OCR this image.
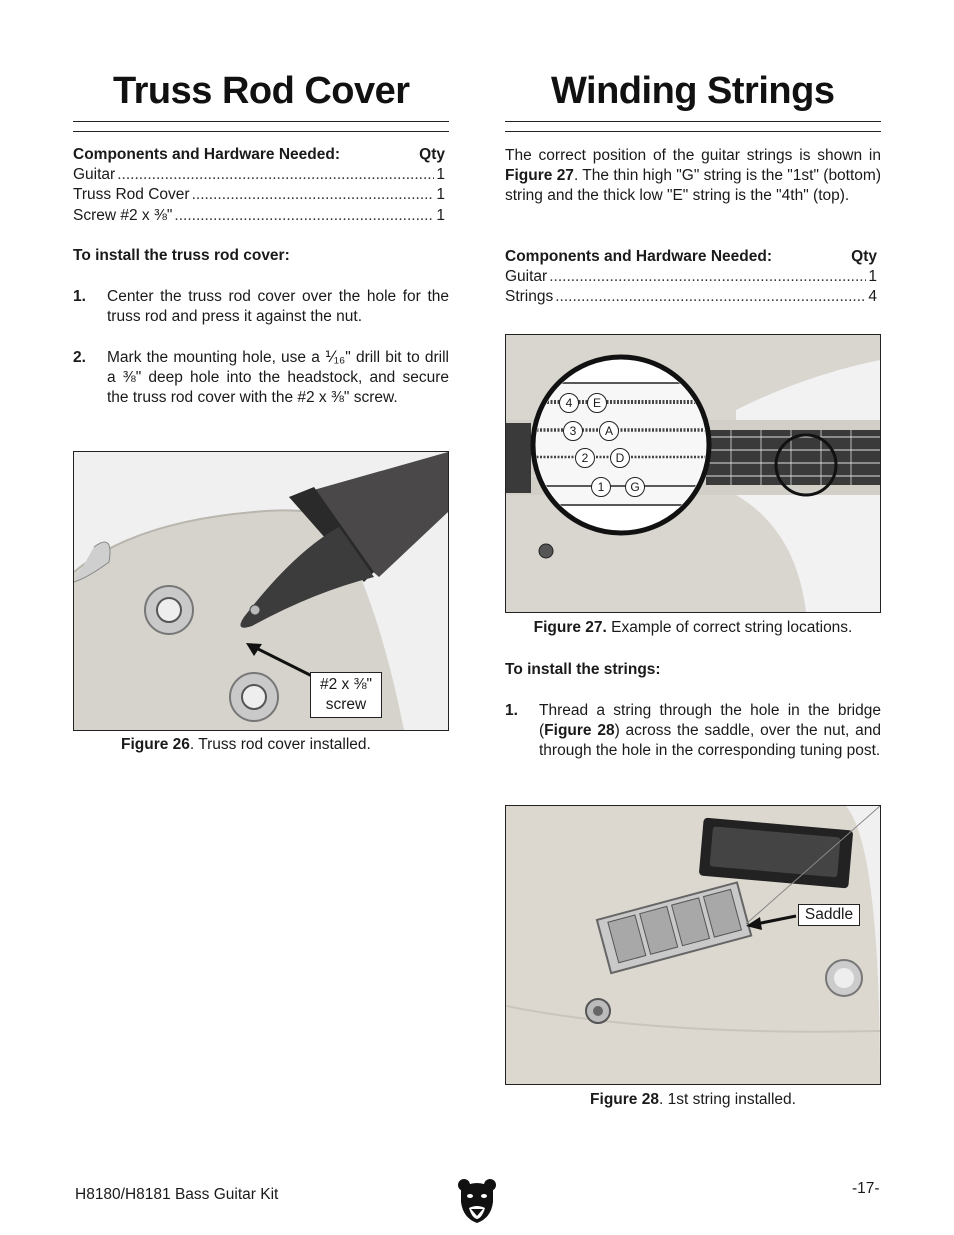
Truss Rod Cover
Components and Hardware Needed:	Qty
Guitar .....	1
Truss Rod Cover .....	1
Screw #2 x ⅜" .....	1
To install the truss rod cover:
1.	Center the truss rod cover over the hole for the truss rod and press it against the nut.
2.	Mark the mounting hole, use a ⅟₁₆" drill bit to drill a ⅜" deep hole into the headstock, and secure the truss rod cover with the #2 x ⅜" screw.
#2 x ⅜"
screw
Figure 26. Truss rod cover installed.
Winding Strings
The correct position of the guitar strings is shown in Figure 27. The thin high "G" string is the "1st" (bottom) string and the thick low "E" string is the "4th" (top).
Components and Hardware Needed:	Qty
Guitar .....	1
Strings .....	4
4	E
3	A
2	D
1	G
Figure 27. Example of correct string locations.
To install the strings:
1.	Thread a string through the hole in the bridge (Figure 28) across the saddle, over the nut, and through the hole in the corresponding tuning post.
Saddle
Figure 28. 1st string installed.
H8180/H8181 Bass Guitar Kit	-17-
